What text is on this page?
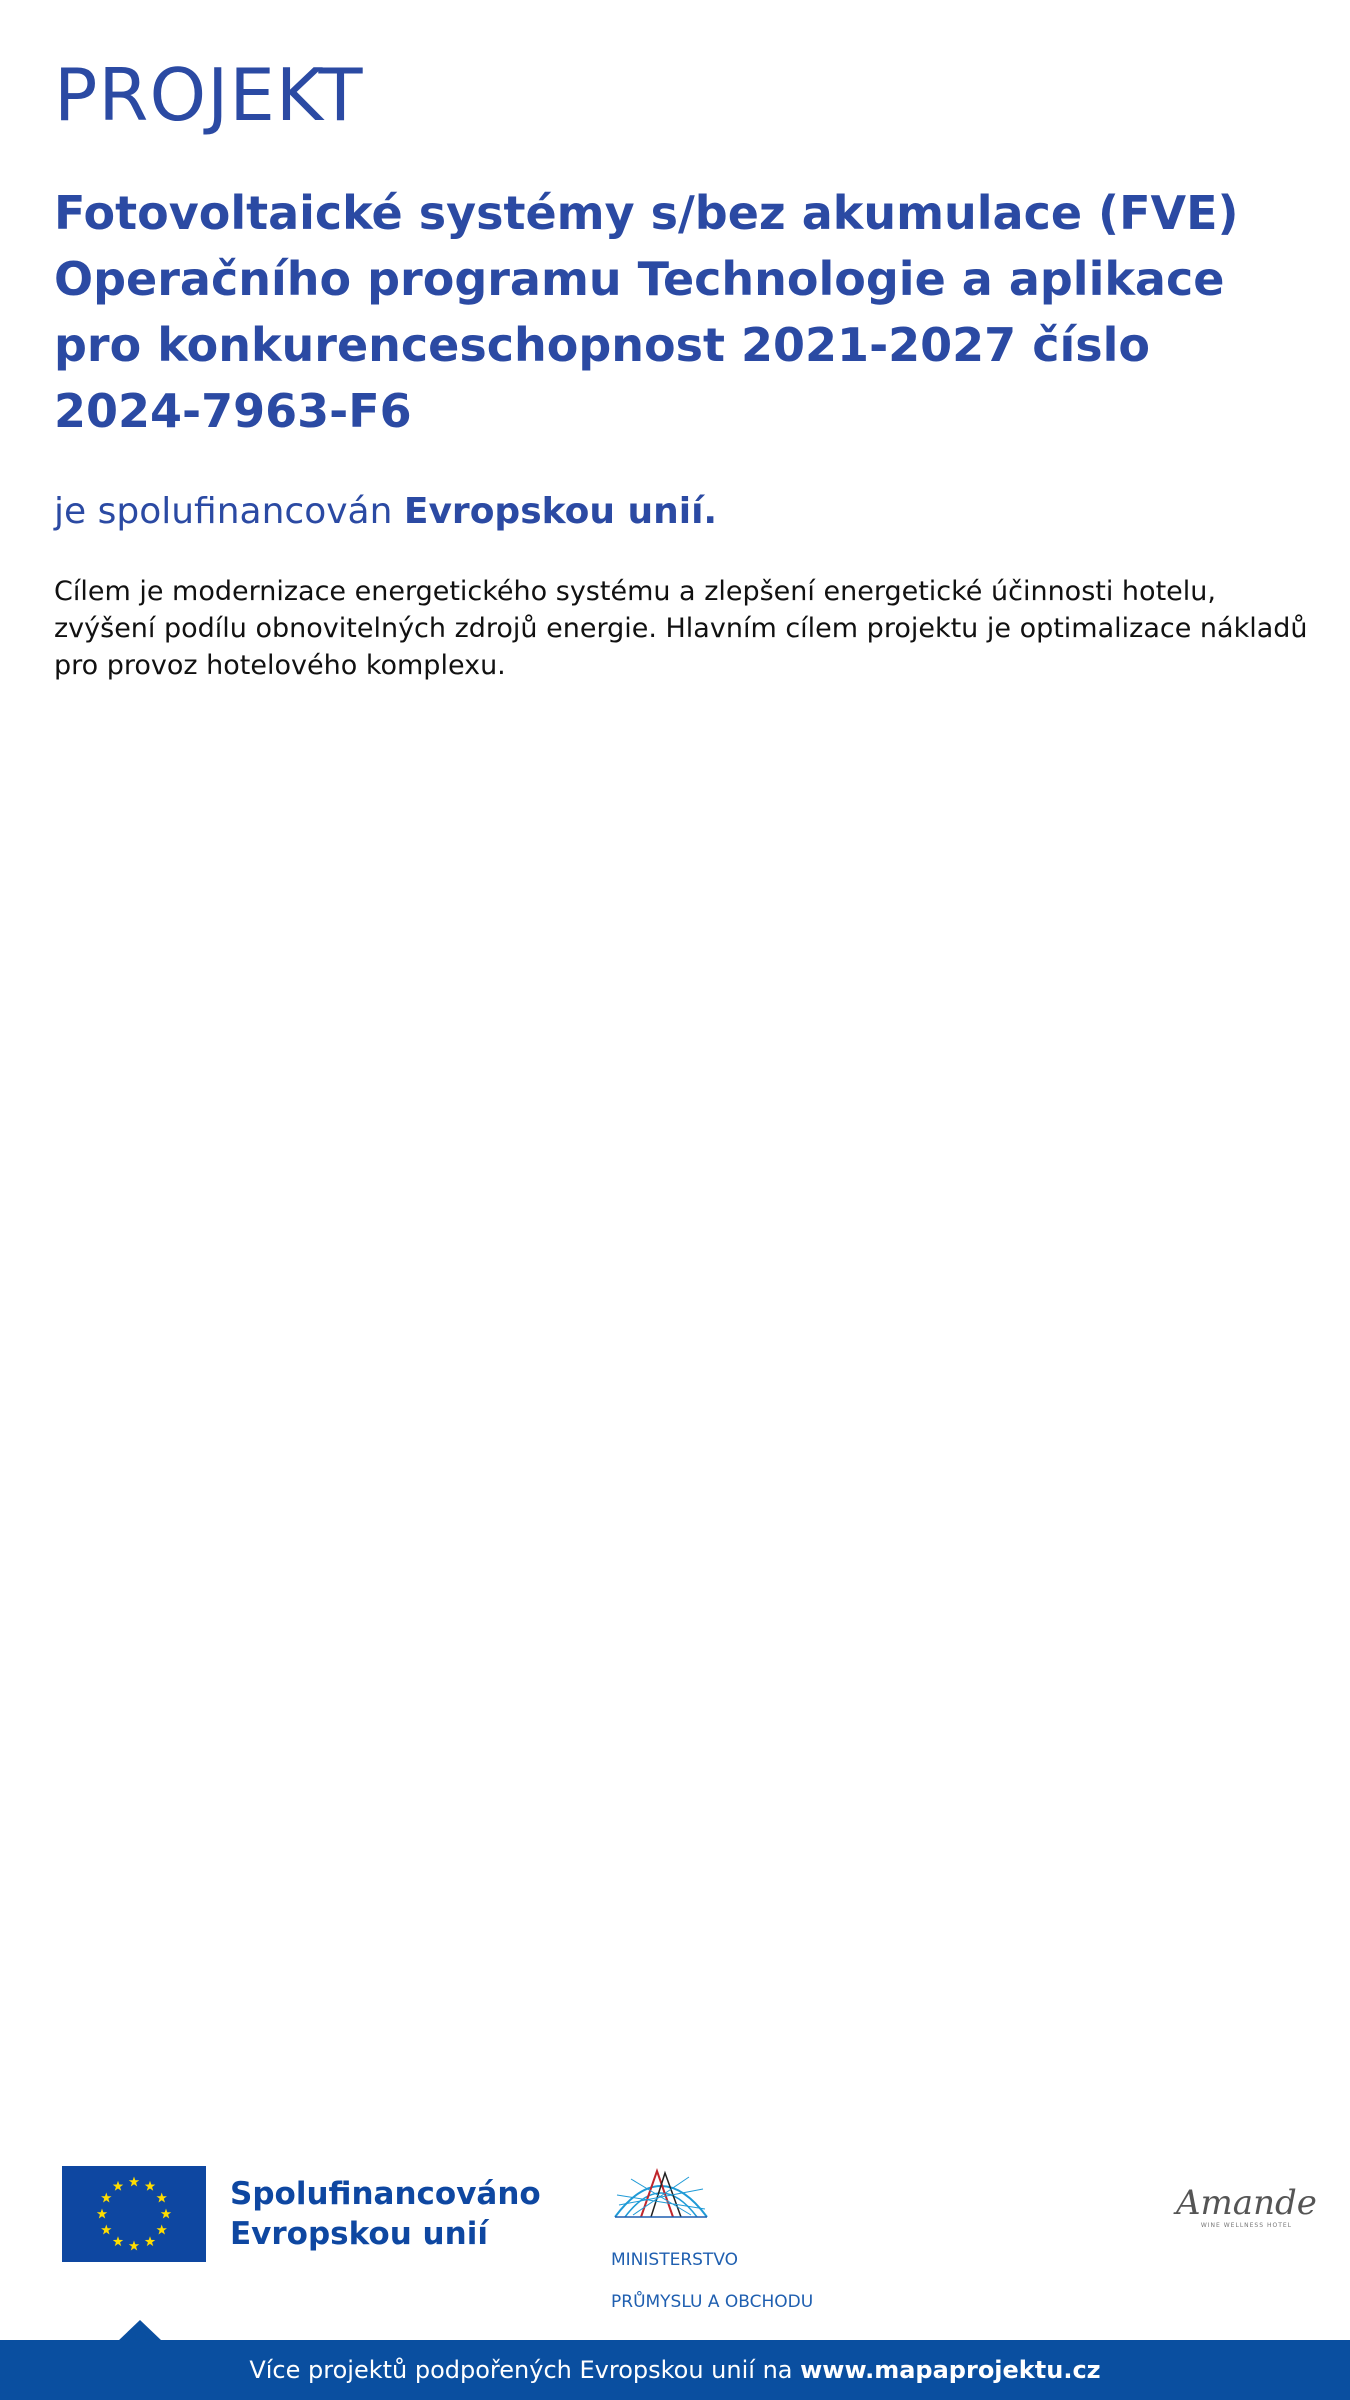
PROJEKT
Fotovoltaické systémy s/bez akumulace (FVE) Operačního programu Technologie a aplikace pro konkurenceschopnost 2021-2027 číslo 2024-7963-F6
je spolufinancován Evropskou unií.

Cílem je modernizace energetického systému a zlepšení energetické účinnosti hotelu, zvýšení podílu obnovitelných zdrojů energie. Hlavním cílem projektu je optimalizace nákladů pro provoz hotelového komplexu.

Spolufinancováno
Evropskou unií

MINISTERSTVO

PRŮMYSLU A OBCHODU

Amande
WINE WELLNESS HOTEL
Více projektů podpořených Evropskou unií na www.mapaprojektu.cz
